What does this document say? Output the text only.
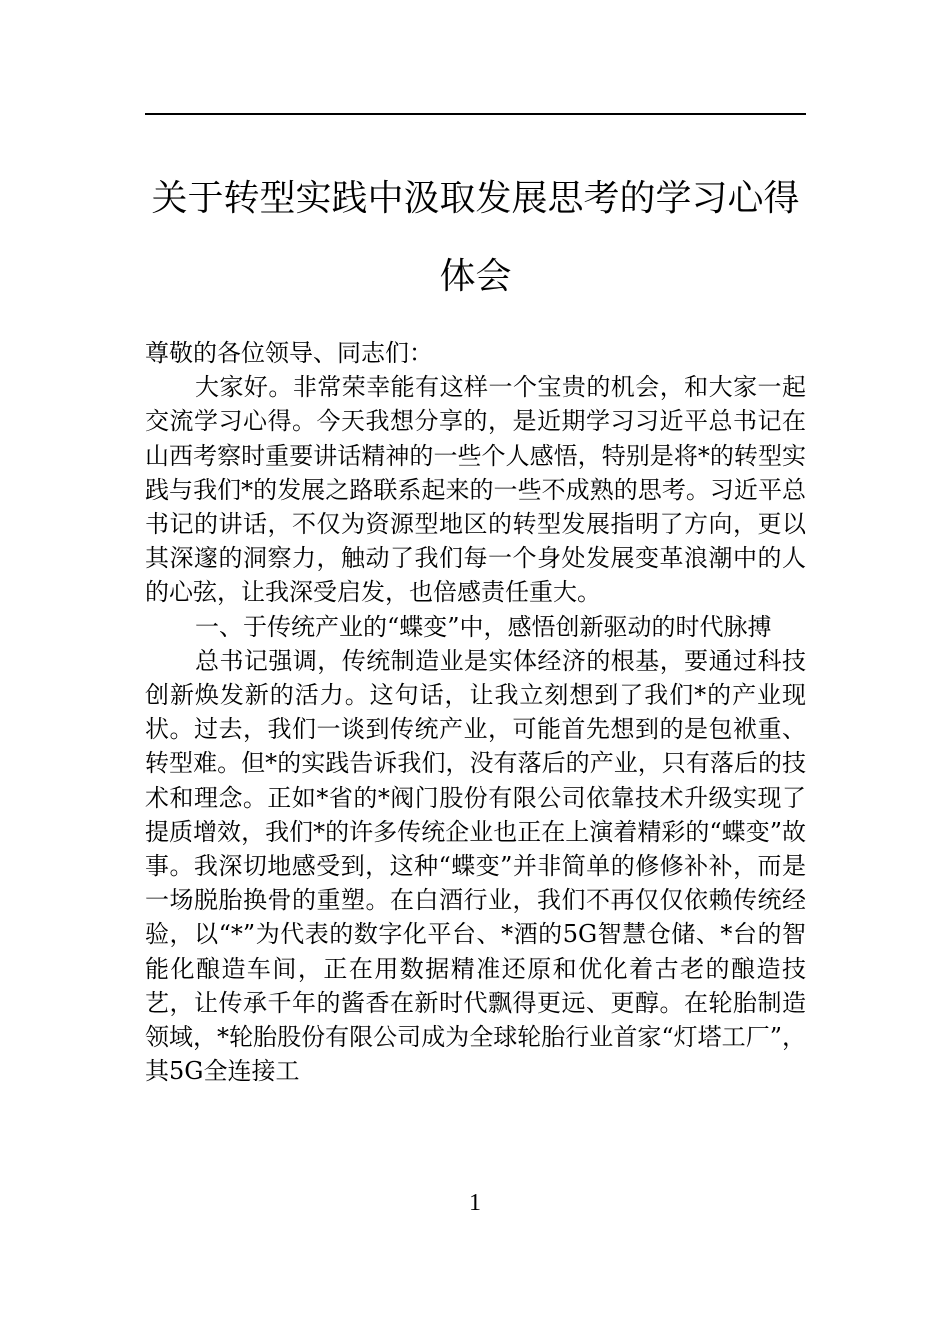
关于转型实践中汲取发展思考的学习心得
体会

尊敬的各位领导、同志们：

大家好。非常荣幸能有这样一个宝贵的机会，和大家一起交流学习心得。今天我想分享的，是近期学习习近平总书记在山西考察时重要讲话精神的一些个人感悟，特别是将*的转型实践与我们*的发展之路联系起来的一些不成熟的思考。习近平总书记的讲话，不仅为资源型地区的转型发展指明了方向，更以其深邃的洞察力，触动了我们每一个身处发展变革浪潮中的人的心弦，让我深受启发，也倍感责任重大。

一、于传统产业的“蝶变”中，感悟创新驱动的时代脉搏

总书记强调，传统制造业是实体经济的根基，要通过科技创新焕发新的活力。这句话，让我立刻想到了我们*的产业现状。过去，我们一谈到传统产业，可能首先想到的是包袱重、转型难。但*的实践告诉我们，没有落后的产业，只有落后的技术和理念。正如*省的*阀门股份有限公司依靠技术升级实现了提质增效，我们*的许多传统企业也正在上演着精彩的“蝶变”故事。我深切地感受到，这种“蝶变”并非简单的修修补补，而是一场脱胎换骨的重塑。在白酒行业，我们不再仅仅依赖传统经验，以“*”为代表的数字化平台、*酒的5G智慧仓储、*台的智能化酿造车间，正在用数据精准还原和优化着古老的酿造技艺，让传承千年的酱香在新时代飘得更远、更醇。在轮胎制造领域，*轮胎股份有限公司成为全球轮胎行业首家“灯塔工厂”，其5G全连接工

1
